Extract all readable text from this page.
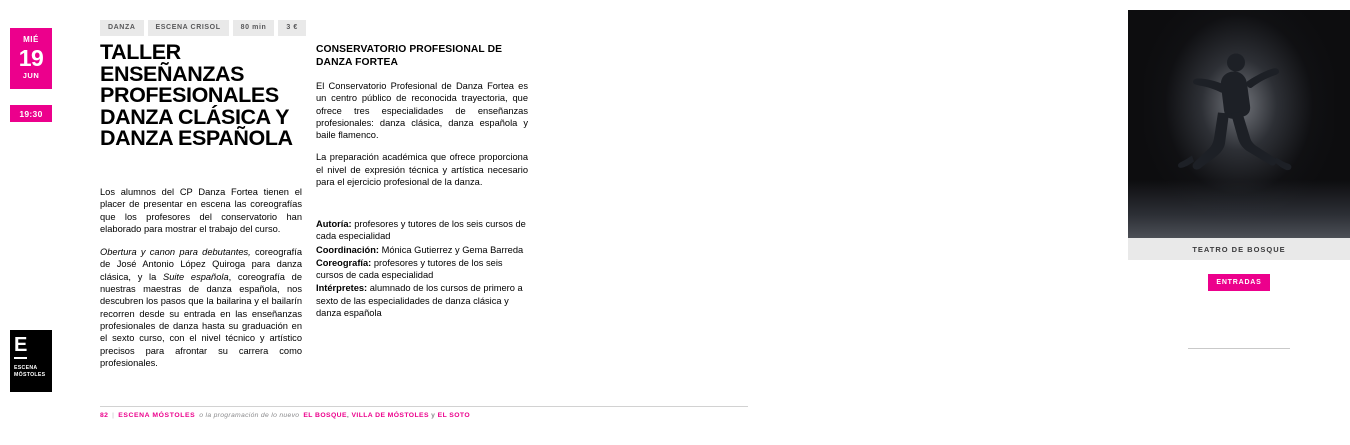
MIÉ
19
JUN
19:30
E
ESCENA
MÓSTOLES
DANZA	ESCENA CRISOL	80 min	3 €
TALLER ENSEÑANZAS PROFESIONALES DANZA CLÁSICA Y DANZA ESPAÑOLA

Los alumnos del CP Danza Fortea tienen el placer de presentar en escena las coreografías que los profesores del conservatorio han elaborado para mostrar el trabajo del curso.

Obertura y canon para debutantes, coreografía de José Antonio López Quiroga para danza clásica, y la Suite española, coreografía de nuestras maestras de danza española, nos descubren los pasos que la bailarina y el bailarín recorren desde su entrada en las enseñanzas profesionales de danza hasta su graduación en el sexto curso, con el nivel técnico y artístico precisos para afrontar su carrera como profesionales.

CONSERVATORIO PROFESIONAL DE DANZA FORTEA

El Conservatorio Profesional de Danza Fortea es un centro público de reconocida trayectoria, que ofrece tres especialidades de enseñanzas profesionales: danza clásica, danza española y baile flamenco.

La preparación académica que ofrece proporciona el nivel de expresión técnica y artística necesario para el ejercicio profesional de la danza.

Autoría: profesores y tutores de los seis cursos de cada especialidad
Coordinación: Mónica Gutierrez y Gema Barreda
Coreografía: profesores y tutores de los seis cursos de cada especialidad
Intérpretes: alumnado de los cursos de primero a sexto de las especialidades de danza clásica y danza española
TEATRO DE BOSQUE
ENTRADAS
82 | ESCENA MÓSTOLES o la programación de lo nuevo EL BOSQUE, VILLA DE MÓSTOLES y EL SOTO
